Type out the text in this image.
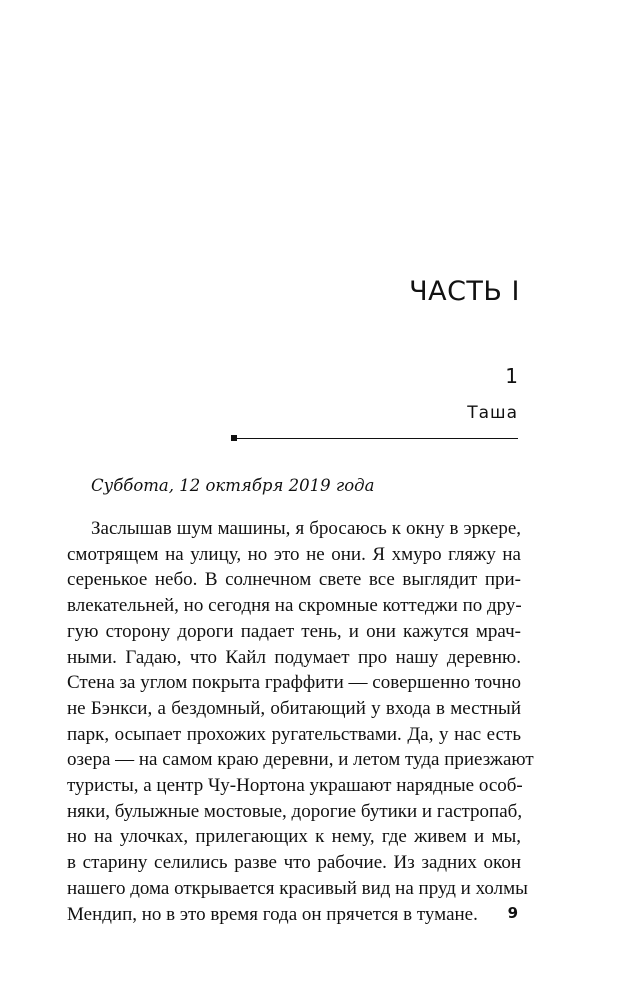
ЧАСТЬ I
1
Таша
Суббота, 12 октября 2019 года

Заслышав шум машины, я бросаюсь к окну в эркере,
смотрящем на улицу, но это не они. Я хмуро гляжу на
серенькое небо. В солнечном свете все выглядит при-
влекательней, но сегодня на скромные коттеджи по дру-
гую сторону дороги падает тень, и они кажутся мрач-
ными. Гадаю, что Кайл подумает про нашу деревню.
Стена за углом покрыта граффити — совершенно точно
не Бэнкси, а бездомный, обитающий у входа в местный
парк, осыпает прохожих ругательствами. Да, у нас есть
озера — на самом краю деревни, и летом туда приезжают
туристы, а центр Чу-Нортона украшают нарядные особ-
няки, булыжные мостовые, дорогие бутики и гастропаб,
но на улочках, прилегающих к нему, где живем и мы,
в старину селились разве что рабочие. Из задних окон
нашего дома открывается красивый вид на пруд и холмы
Мендип, но в это время года он прячется в тумане.	9
